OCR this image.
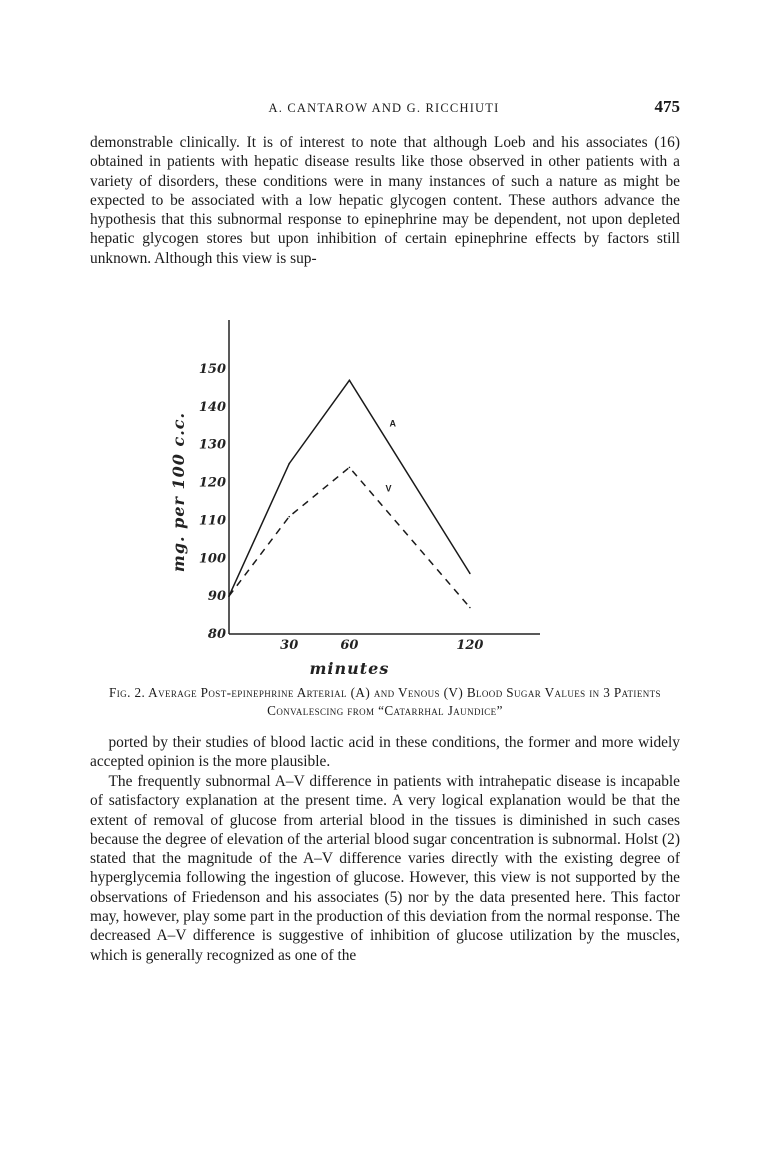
A. CANTAROW AND G. RICCHIUTI	475

demonstrable clinically. It is of interest to note that although Loeb and his associates (16) obtained in patients with hepatic disease results like those observed in other patients with a variety of disorders, these conditions were in many instances of such a nature as might be expected to be associated with a low hepatic glycogen content. These authors advance the hypothesis that this subnormal response to epinephrine may be dependent, not upon depleted hepatic glycogen stores but upon inhibition of certain epinephrine effects by factors still unknown. Although this view is sup-

80
90
100
110
120
130
140
150
30	60	120
A
V
minutes
mg. per 100 c.c.

Fig. 2. Average Post-epinephrine Arterial (A) and Venous (V) Blood Sugar Values in 3 Patients Convalescing from “Catarrhal Jaundice”

ported by their studies of blood lactic acid in these conditions, the former and more widely accepted opinion is the more plausible.

The frequently subnormal A–V difference in patients with intrahepatic disease is incapable of satisfactory explanation at the present time. A very logical explanation would be that the extent of removal of glucose from arterial blood in the tissues is diminished in such cases because the degree of elevation of the arterial blood sugar concentration is subnormal. Holst (2) stated that the magnitude of the A–V difference varies directly with the existing degree of hyperglycemia following the ingestion of glucose. However, this view is not supported by the observations of Friedenson and his associates (5) nor by the data presented here. This factor may, however, play some part in the production of this deviation from the normal response. The decreased A–V difference is suggestive of inhibition of glucose utilization by the muscles, which is generally recognized as one of the
